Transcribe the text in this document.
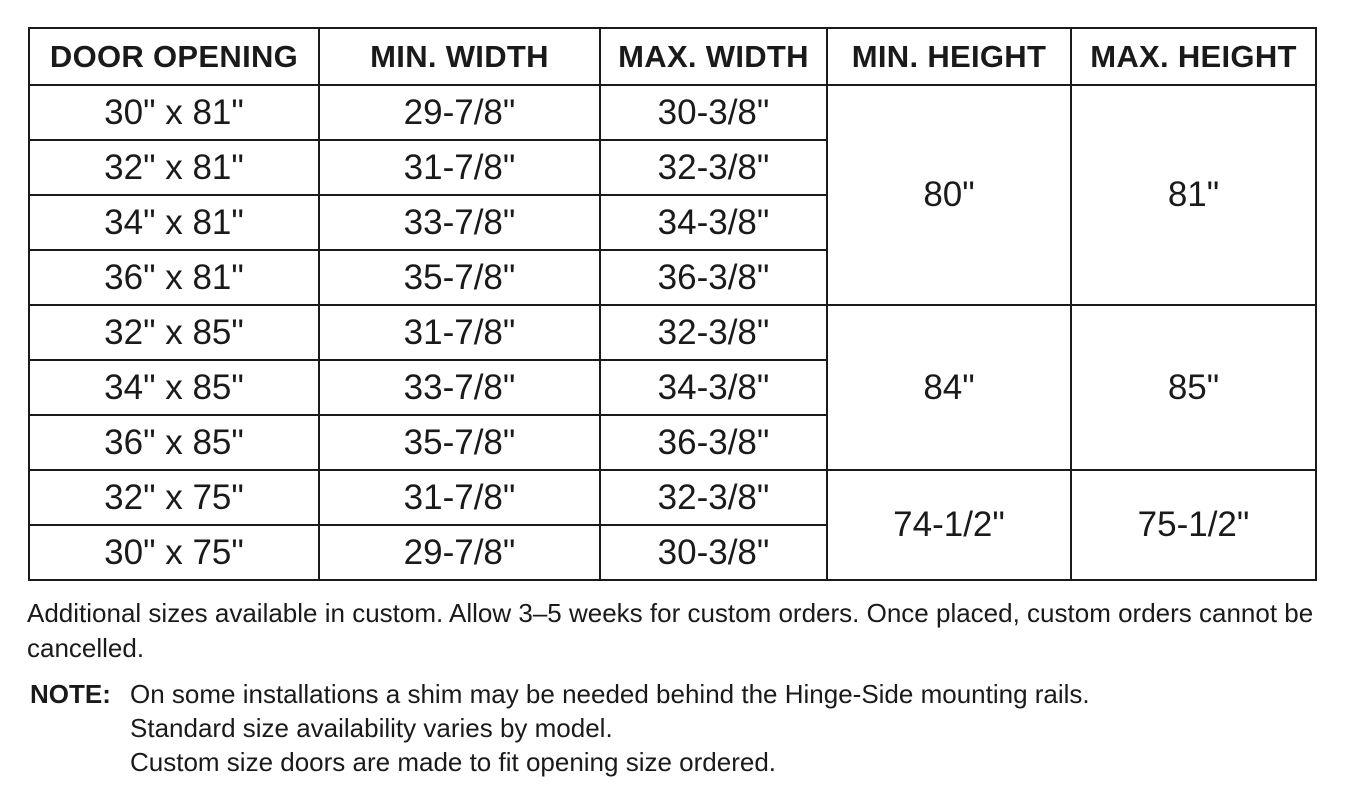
DOOR OPENING	MIN. WIDTH	MAX. WIDTH	MIN. HEIGHT	MAX. HEIGHT
30" x 81"	29-7/8"	30-3/8"	80"	81"
32" x 81"	31-7/8"	32-3/8"		
34" x 81"	33-7/8"	34-3/8"		
36" x 81"	35-7/8"	36-3/8"		
32" x 85"	31-7/8"	32-3/8"	84"	85"
34" x 85"	33-7/8"	34-3/8"		
36" x 85"	35-7/8"	36-3/8"		
32" x 75"	31-7/8"	32-3/8"	74-1/2"	75-1/2"
30" x 75"	29-7/8"	30-3/8"		

Additional sizes available in custom. Allow 3–5 weeks for custom orders. Once placed, custom orders cannot be cancelled.

NOTE: On some installations a shim may be needed behind the Hinge-Side mounting rails.
Standard size availability varies by model.
Custom size doors are made to fit opening size ordered.
